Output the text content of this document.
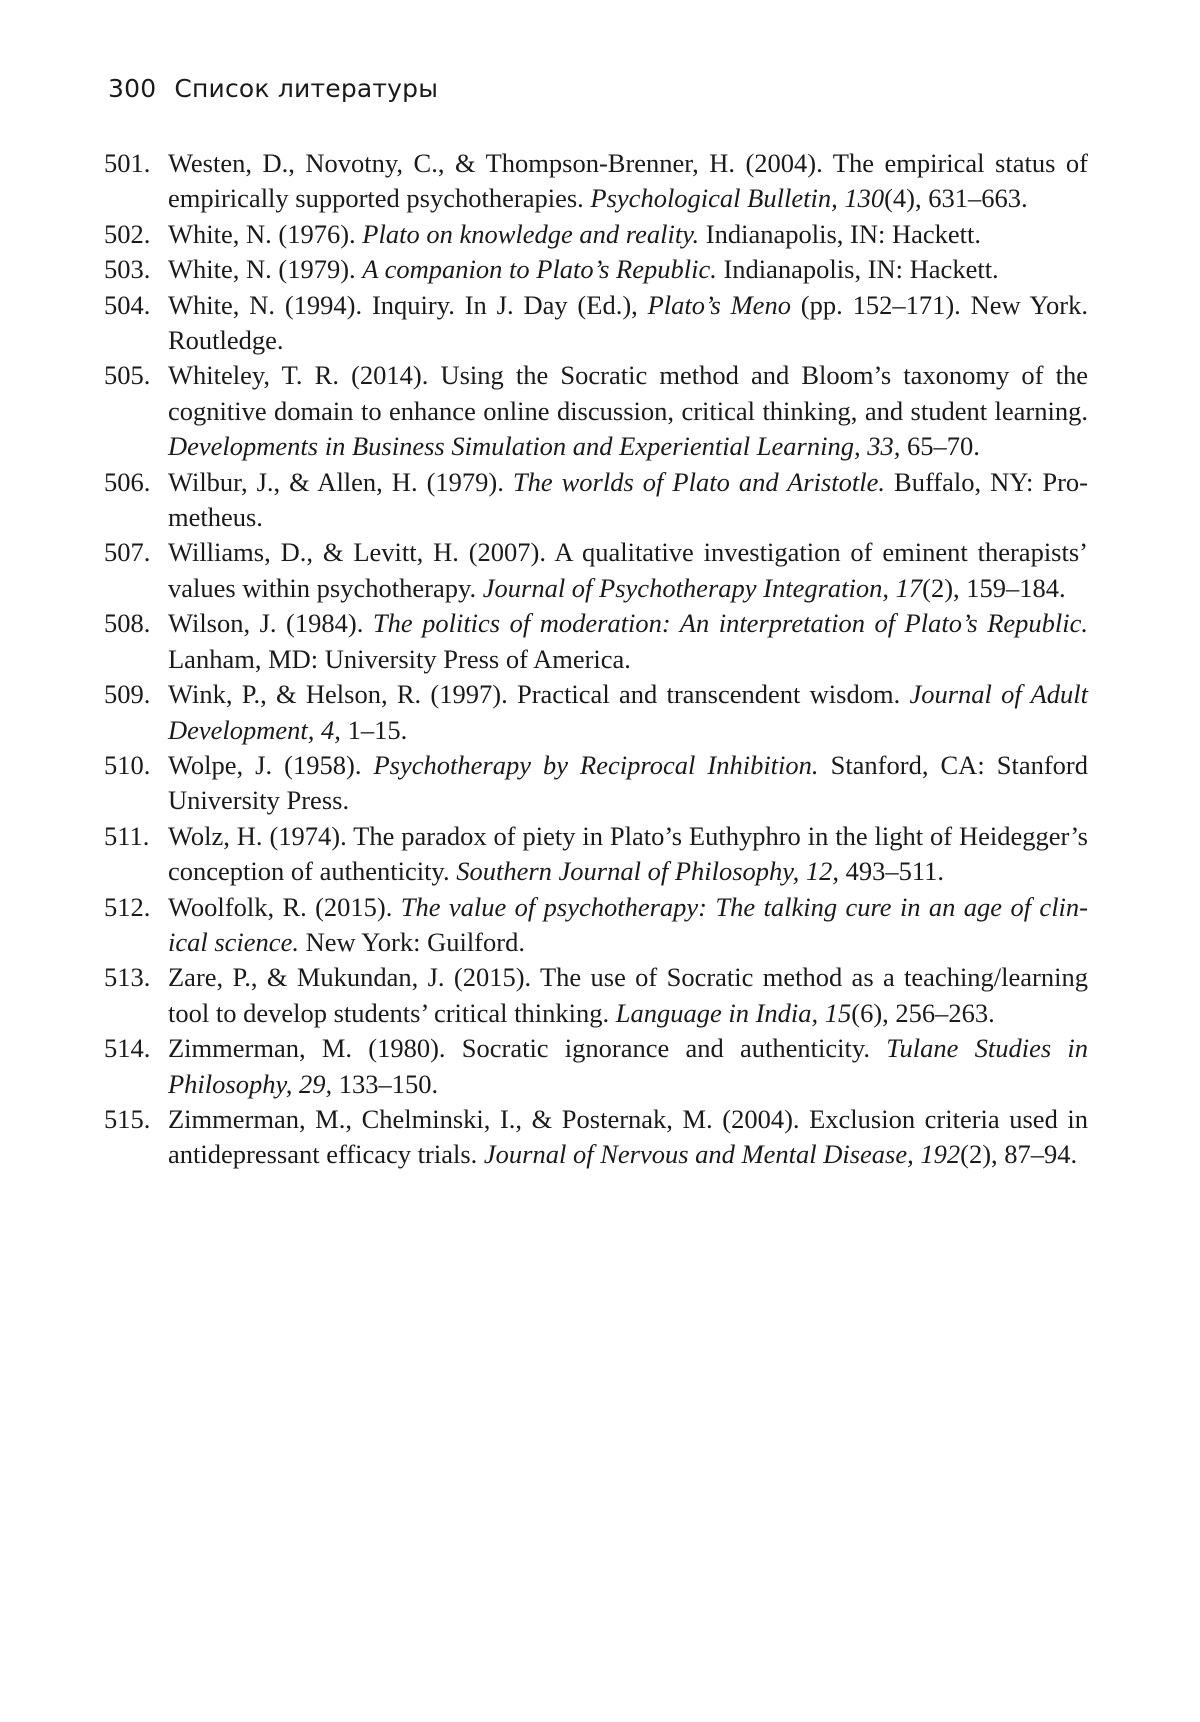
300 Список литературы
501. Westen, D., Novotny, C., & Thompson-Brenner, H. (2004). The empirical status of empirically supported psychotherapies. Psychological Bulletin, 130(4), 631–663.
502. White, N. (1976). Plato on knowledge and reality. Indianapolis, IN: Hackett.
503. White, N. (1979). A companion to Plato’s Republic. Indianapolis, IN: Hackett.
504. White, N. (1994). Inquiry. In J. Day (Ed.), Plato’s Meno (pp. 152–171). New York. Routledge.
505. Whiteley, T. R. (2014). Using the Socratic method and Bloom’s taxonomy of the cognitive domain to enhance online discussion, critical thinking, and student learning. Developments in Business Simulation and Experiential Learning, 33, 65–70.
506. Wilbur, J., & Allen, H. (1979). The worlds of Plato and Aristotle. Buffalo, NY: Prometheus.
507. Williams, D., & Levitt, H. (2007). A qualitative investigation of eminent therapists’ values within psychotherapy. Journal of Psychotherapy Integration, 17(2), 159–184.
508. Wilson, J. (1984). The politics of moderation: An interpretation of Plato’s Republic. Lanham, MD: University Press of America.
509. Wink, P., & Helson, R. (1997). Practical and transcendent wisdom. Journal of Adult Development, 4, 1–15.
510. Wolpe, J. (1958). Psychotherapy by Reciprocal Inhibition. Stanford, CA: Stanford University Press.
511. Wolz, H. (1974). The paradox of piety in Plato’s Euthyphro in the light of Heidegger’s conception of authenticity. Southern Journal of Philosophy, 12, 493–511.
512. Woolfolk, R. (2015). The value of psychotherapy: The talking cure in an age of clinical science. New York: Guilford.
513. Zare, P., & Mukundan, J. (2015). The use of Socratic method as a teaching/learning tool to develop students’ critical thinking. Language in India, 15(6), 256–263.
514. Zimmerman, M. (1980). Socratic ignorance and authenticity. Tulane Studies in Philosophy, 29, 133–150.
515. Zimmerman, M., Chelminski, I., & Posternak, M. (2004). Exclusion criteria used in antidepressant efficacy trials. Journal of Nervous and Mental Disease, 192(2), 87–94.
